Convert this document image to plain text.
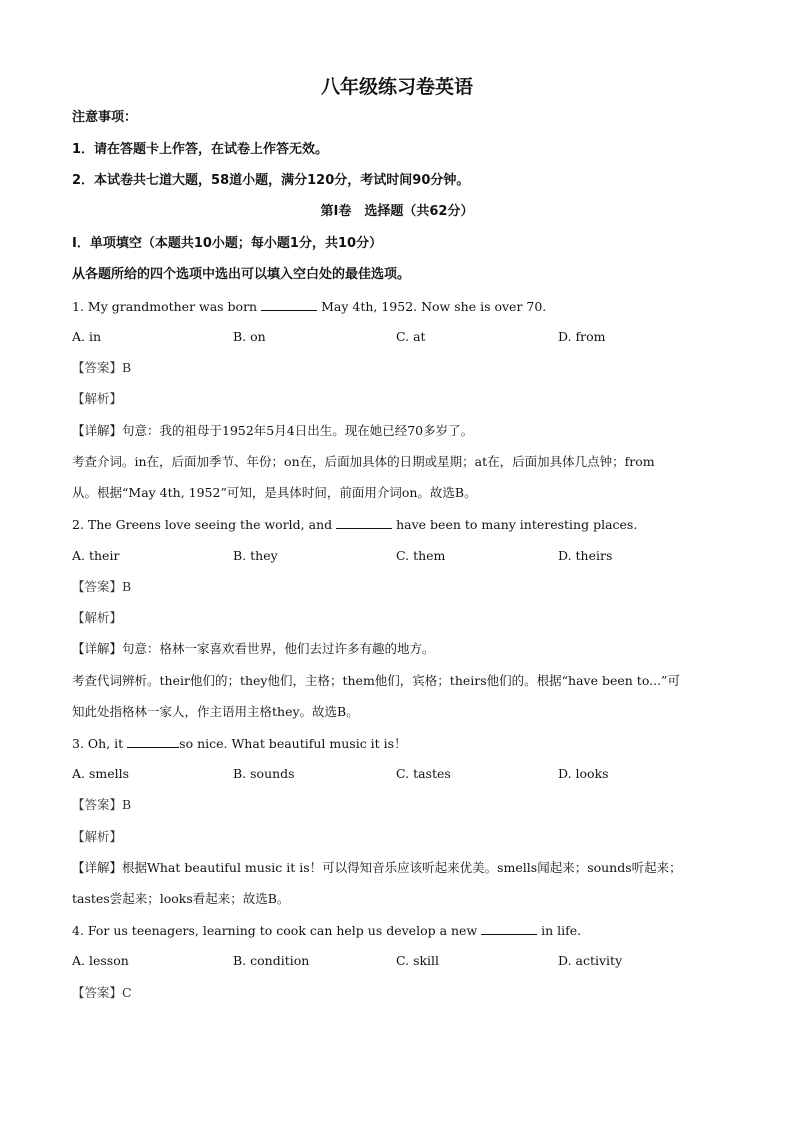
八年级练习卷英语
注意事项：
1．请在答题卡上作答，在试卷上作答无效。
2．本试卷共七道大题，58道小题，满分120分，考试时间90分钟。
第Ⅰ卷　选择题（共62分）
Ⅰ．单项填空（本题共10小题；每小题1分，共10分）
从各题所给的四个选项中选出可以填入空白处的最佳选项。
1. My grandmother was born	May 4th, 1952. Now she is over 70.
A. in	B. on	C. at	D. from
【答案】B
【解析】
【详解】句意：我的祖母于1952年5月4日出生。现在她已经70多岁了。
考查介词。in在，后面加季节、年份；on在，后面加具体的日期或星期；at在，后面加具体几点钟；from
从。根据“May 4th, 1952”可知，是具体时间，前面用介词on。故选B。
2. The Greens love seeing the world, and	have been to many interesting places.
A. their	B. they	C. them	D. theirs
【答案】B
【解析】
【详解】句意：格林一家喜欢看世界，他们去过许多有趣的地方。
考查代词辨析。their他们的；they他们，主格；them他们，宾格；theirs他们的。根据“have been to...”可
知此处指格林一家人，作主语用主格they。故选B。
3. Oh, it	so nice. What beautiful music it is！
A. smells	B. sounds	C. tastes	D. looks
【答案】B
【解析】
【详解】根据What beautiful music it is！可以得知音乐应该听起来优美。smells闻起来；sounds听起来；
tastes尝起来；looks看起来；故选B。
4. For us teenagers, learning to cook can help us develop a new	in life.
A. lesson	B. condition	C. skill	D. activity
【答案】C
